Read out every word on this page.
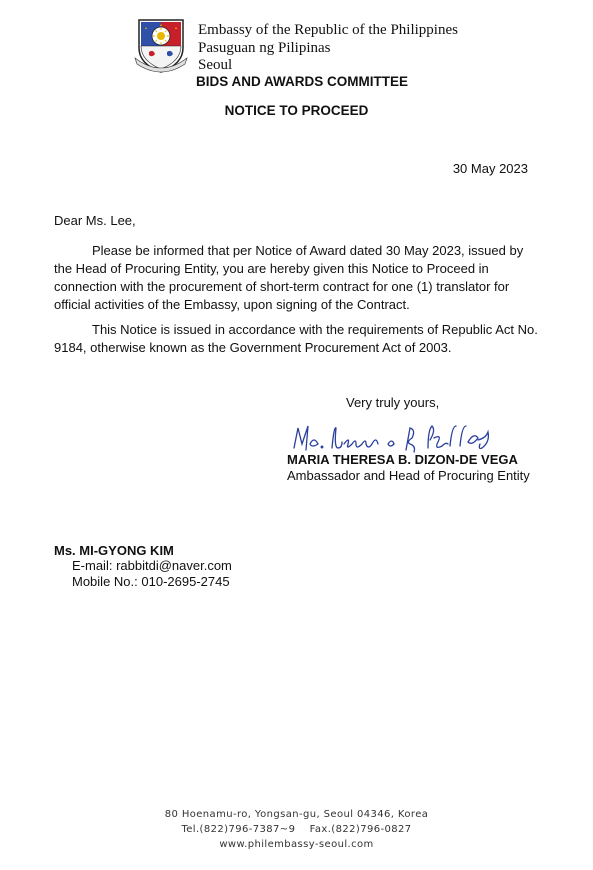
Embassy of the Republic of the Philippines
Pasuguan ng Pilipinas
Seoul
BIDS AND AWARDS COMMITTEE
NOTICE TO PROCEED
30 May 2023
Dear Ms. Lee,
Please be informed that per Notice of Award dated 30 May 2023, issued by the Head of Procuring Entity, you are hereby given this Notice to Proceed in connection with the procurement of short-term contract for one (1) translator for official activities of the Embassy, upon signing of the Contract.
This Notice is issued in accordance with the requirements of Republic Act No. 9184, otherwise known as the Government Procurement Act of 2003.
Very truly yours,
MARIA THERESA B. DIZON-DE VEGA
Ambassador and Head of Procuring Entity
Ms. MI-GYONG KIM
E-mail: rabbitdi@naver.com
Mobile No.: 010-2695-2745
80 Hoenamu-ro, Yongsan-gu, Seoul 04346, Korea
Tel.(822)796-7387~9    Fax.(822)796-0827
www.philembassy-seoul.com
